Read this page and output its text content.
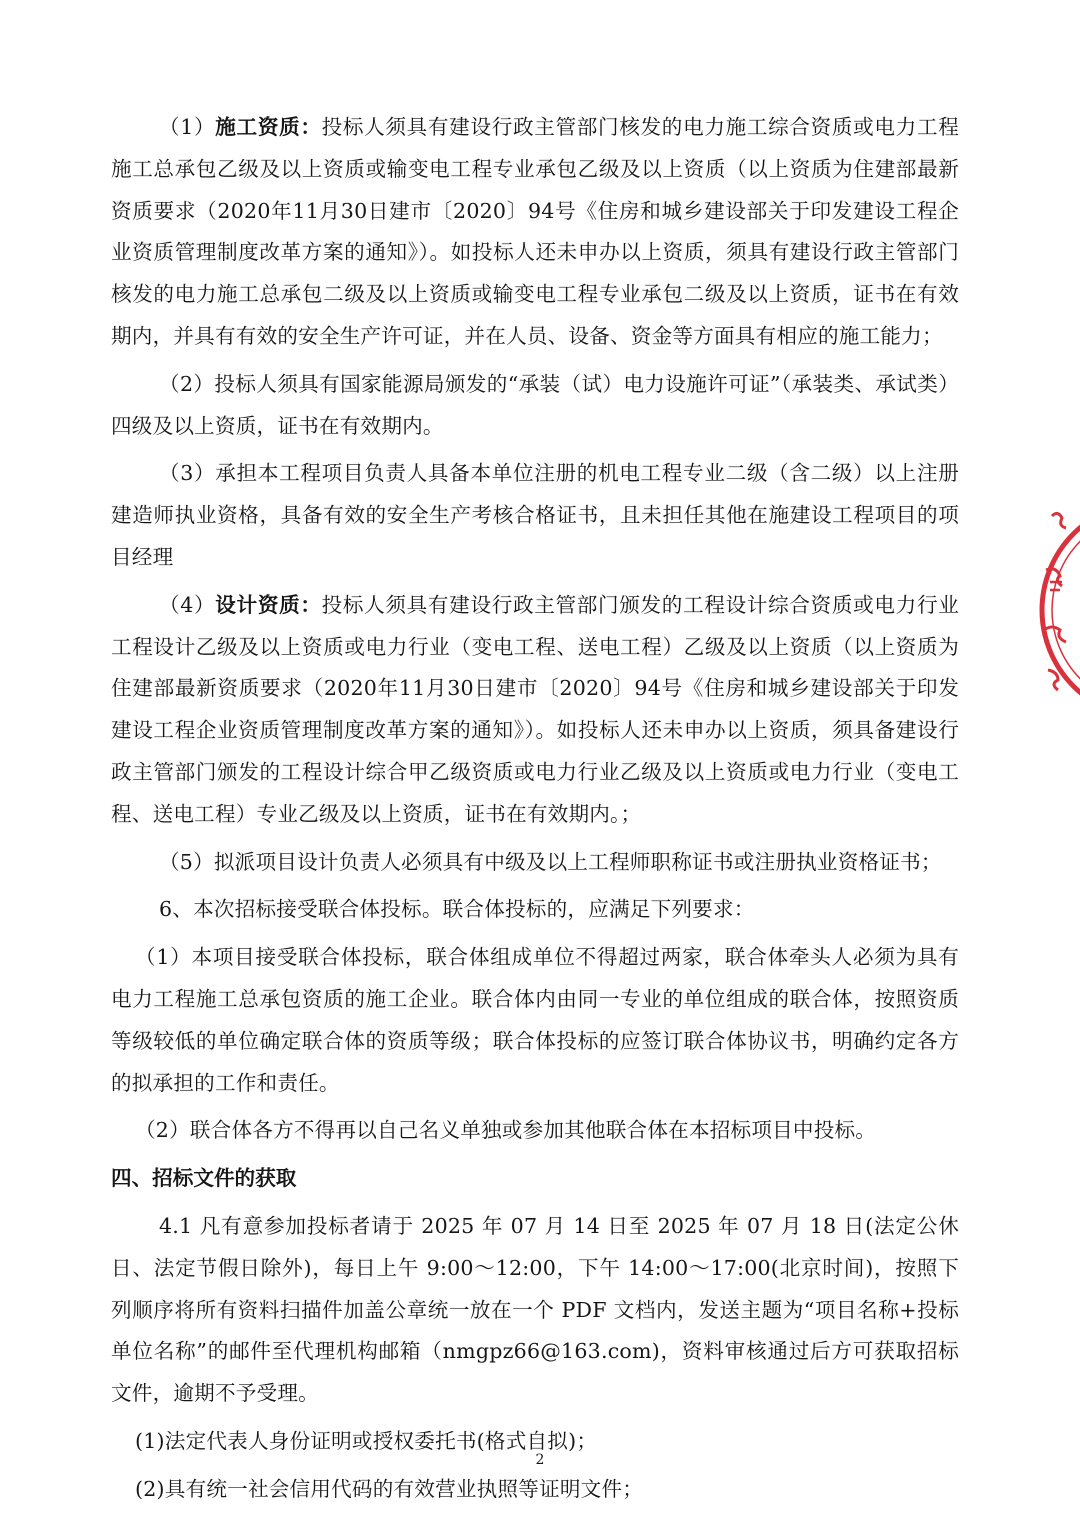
（1）施工资质：投标人须具有建设行政主管部门核发的电力施工综合资质或电力工程施工总承包乙级及以上资质或输变电工程专业承包乙级及以上资质（以上资质为住建部最新资质要求（2020年11月30日建市〔2020〕94号《住房和城乡建设部关于印发建设工程企业资质管理制度改革方案的通知》）。如投标人还未申办以上资质，须具有建设行政主管部门核发的电力施工总承包二级及以上资质或输变电工程专业承包二级及以上资质，证书在有效期内，并具有有效的安全生产许可证，并在人员、设备、资金等方面具有相应的施工能力；

（2）投标人须具有国家能源局颁发的“承装（试）电力设施许可证”（承装类、承试类）四级及以上资质，证书在有效期内。

（3）承担本工程项目负责人具备本单位注册的机电工程专业二级（含二级）以上注册建造师执业资格，具备有效的安全生产考核合格证书，且未担任其他在施建设工程项目的项目经理

（4）设计资质：投标人须具有建设行政主管部门颁发的工程设计综合资质或电力行业工程设计乙级及以上资质或电力行业（变电工程、送电工程）乙级及以上资质（以上资质为住建部最新资质要求（2020年11月30日建市〔2020〕94号《住房和城乡建设部关于印发建设工程企业资质管理制度改革方案的通知》）。如投标人还未申办以上资质，须具备建设行政主管部门颁发的工程设计综合甲乙级资质或电力行业乙级及以上资质或电力行业（变电工程、送电工程）专业乙级及以上资质，证书在有效期内。；

（5）拟派项目设计负责人必须具有中级及以上工程师职称证书或注册执业资格证书；

6、本次招标接受联合体投标。联合体投标的，应满足下列要求：

（1）本项目接受联合体投标，联合体组成单位不得超过两家，联合体牵头人必须为具有电力工程施工总承包资质的施工企业。联合体内由同一专业的单位组成的联合体，按照资质等级较低的单位确定联合体的资质等级；联合体投标的应签订联合体协议书，明确约定各方的拟承担的工作和责任。

（2）联合体各方不得再以自己名义单独或参加其他联合体在本招标项目中投标。

四、招标文件的获取

4.1 凡有意参加投标者请于 2025 年 07 月 14 日至 2025 年 07 月 18 日(法定公休日、法定节假日除外)，每日上午 9:00～12:00，下午 14:00～17:00(北京时间)，按照下列顺序将所有资料扫描件加盖公章统一放在一个 PDF 文档内，发送主题为“项目名称+投标单位名称”的邮件至代理机构邮箱（nmgpz66@163.com)，资料审核通过后方可获取招标文件，逾期不予受理。

(1)法定代表人身份证明或授权委托书(格式自拟)；

(2)具有统一社会信用代码的有效营业执照等证明文件；

2
